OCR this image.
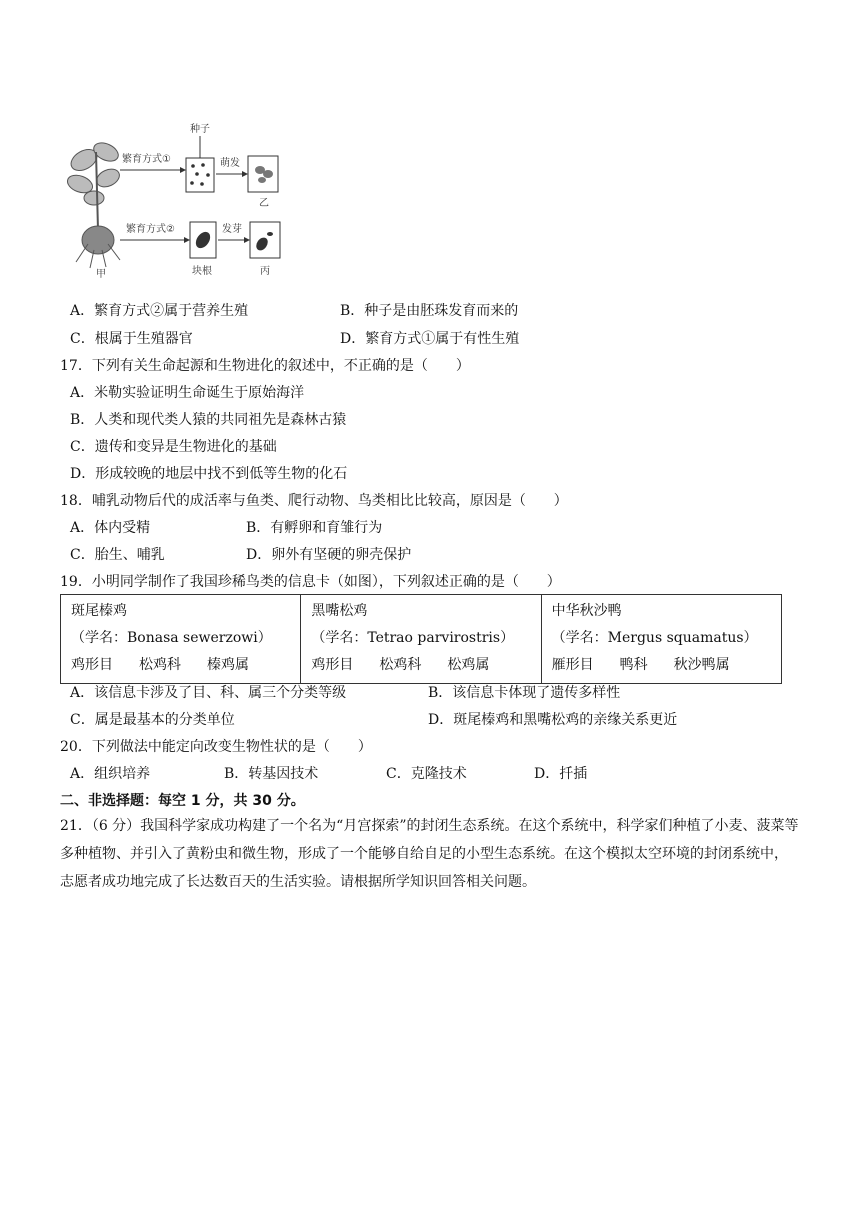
甲
繁育方式①
种子
萌发
乙
繁育方式②
块根
发芽
丙
A．繁育方式②属于营养生殖	B．种子是由胚珠发育而来的
C．根属于生殖器官	D．繁育方式①属于有性生殖
17．下列有关生命起源和生物进化的叙述中，不正确的是（　　）
A．米勒实验证明生命诞生于原始海洋
B．人类和现代类人猿的共同祖先是森林古猿
C．遗传和变异是生物进化的基础
D．形成较晚的地层中找不到低等生物的化石
18．哺乳动物后代的成活率与鱼类、爬行动物、鸟类相比比较高，原因是（　　）
A．体内受精	B．有孵卵和育雏行为
C．胎生、哺乳	D．卵外有坚硬的卵壳保护
19．小明同学制作了我国珍稀鸟类的信息卡（如图），下列叙述正确的是（　　）
斑尾榛鸡
（学名：Bonasa sewerzowi）
鸡形目 松鸡科 榛鸡属

黑嘴松鸡
（学名：Tetrao parvirostris）
鸡形目 松鸡科 松鸡属

中华秋沙鸭
（学名：Mergus squamatus）
雁形目 鸭科 秋沙鸭属
A．该信息卡涉及了目、科、属三个分类等级	B．该信息卡体现了遗传多样性
C．属是最基本的分类单位	D．斑尾榛鸡和黑嘴松鸡的亲缘关系更近
20．下列做法中能定向改变生物性状的是（　　）
A．组织培养	B．转基因技术	C．克隆技术	D．扦插
二、非选择题：每空 1 分，共 30 分。
21．（6 分）我国科学家成功构建了一个名为“月宫探索”的封闭生态系统。在这个系统中，科学家们种植了小麦、菠菜等多种植物、并引入了黄粉虫和微生物，形成了一个能够自给自足的小型生态系统。在这个模拟太空环境的封闭系统中，志愿者成功地完成了长达数百天的生活实验。请根据所学知识回答相关问题。
